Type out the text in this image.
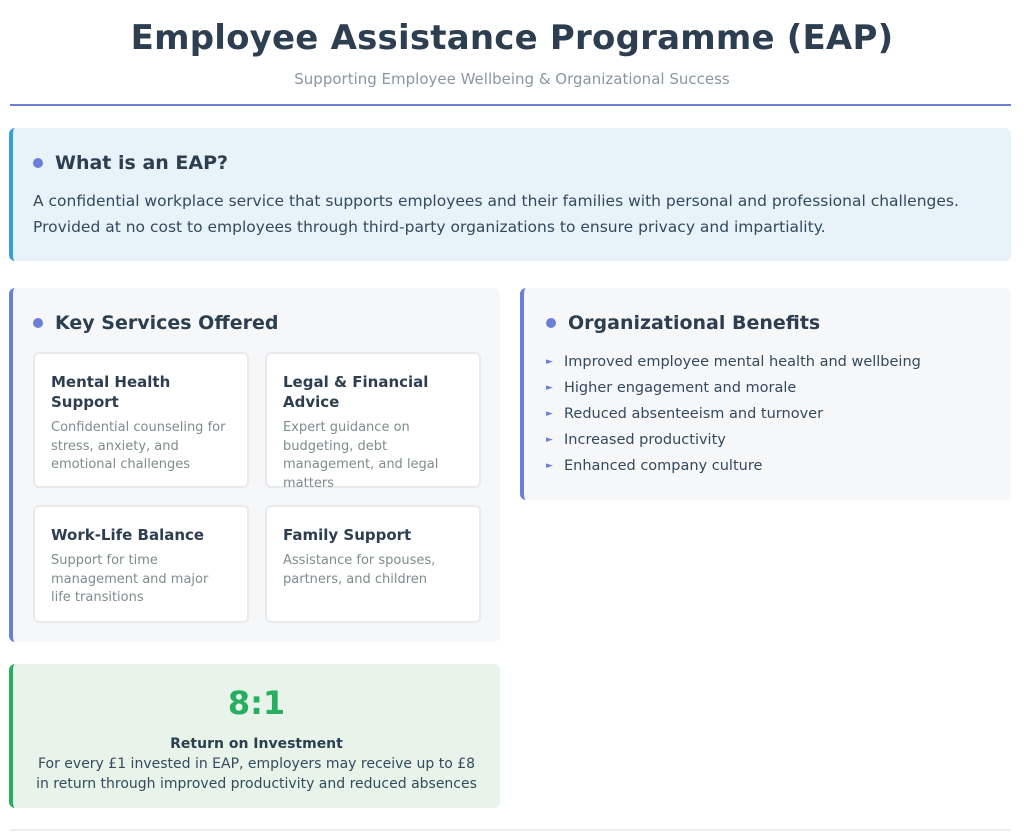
Employee Assistance Programme (EAP)
Supporting Employee Wellbeing & Organizational Success
What is an EAP?

A confidential workplace service that supports employees and their families with personal and professional challenges. Provided at no cost to employees through third-party organizations to ensure privacy and impartiality.

Key Services Offered
Mental Health Support
Confidential counseling for stress, anxiety, and emotional challenges
Legal & Financial Advice
Expert guidance on budgeting, debt management, and legal matters
Work-Life Balance
Support for time management and major life transitions
Family Support
Assistance for spouses, partners, and children
Organizational Benefits
► Improved employee mental health and wellbeing
► Higher engagement and morale
► Reduced absenteeism and turnover
► Increased productivity
► Enhanced company culture
8:1
Return on Investment
For every £1 invested in EAP, employers may receive up to £8 in return through improved productivity and reduced absences
